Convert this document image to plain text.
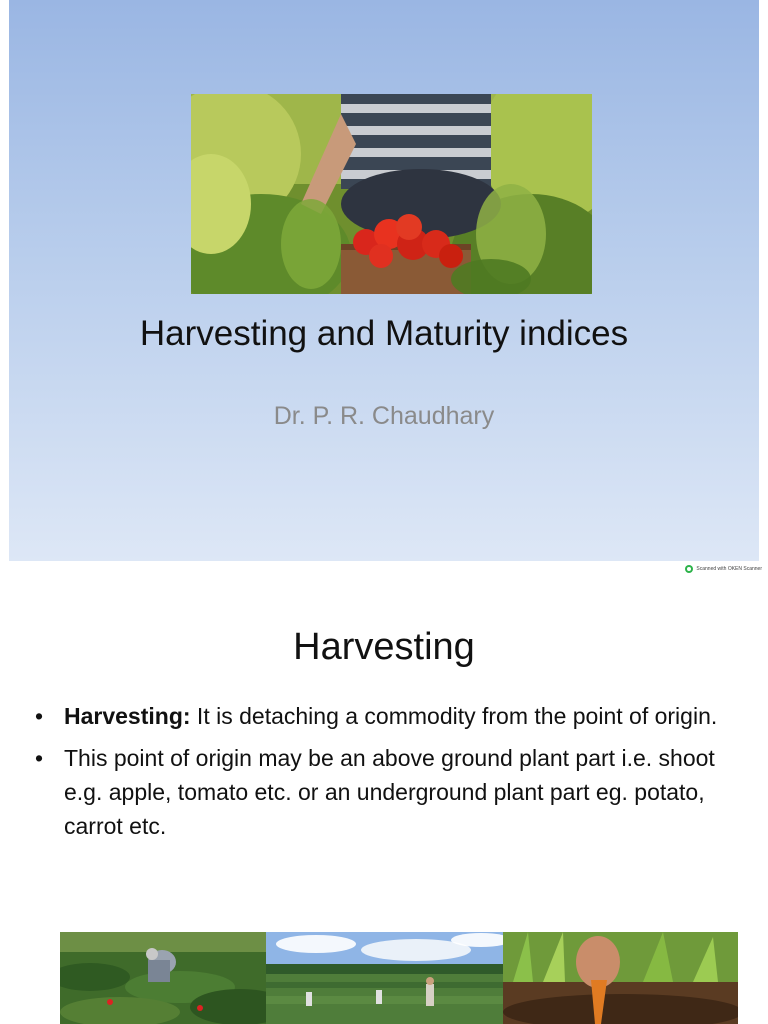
Harvesting and Maturity indices
Dr. P. R. Chaudhary
Scanned with OKEN Scanner
Harvesting
• Harvesting: It is detaching a commodity from the point of origin.
• This point of origin may be an above ground plant part i.e. shoot e.g. apple, tomato etc. or an underground plant part eg. potato, carrot etc.
